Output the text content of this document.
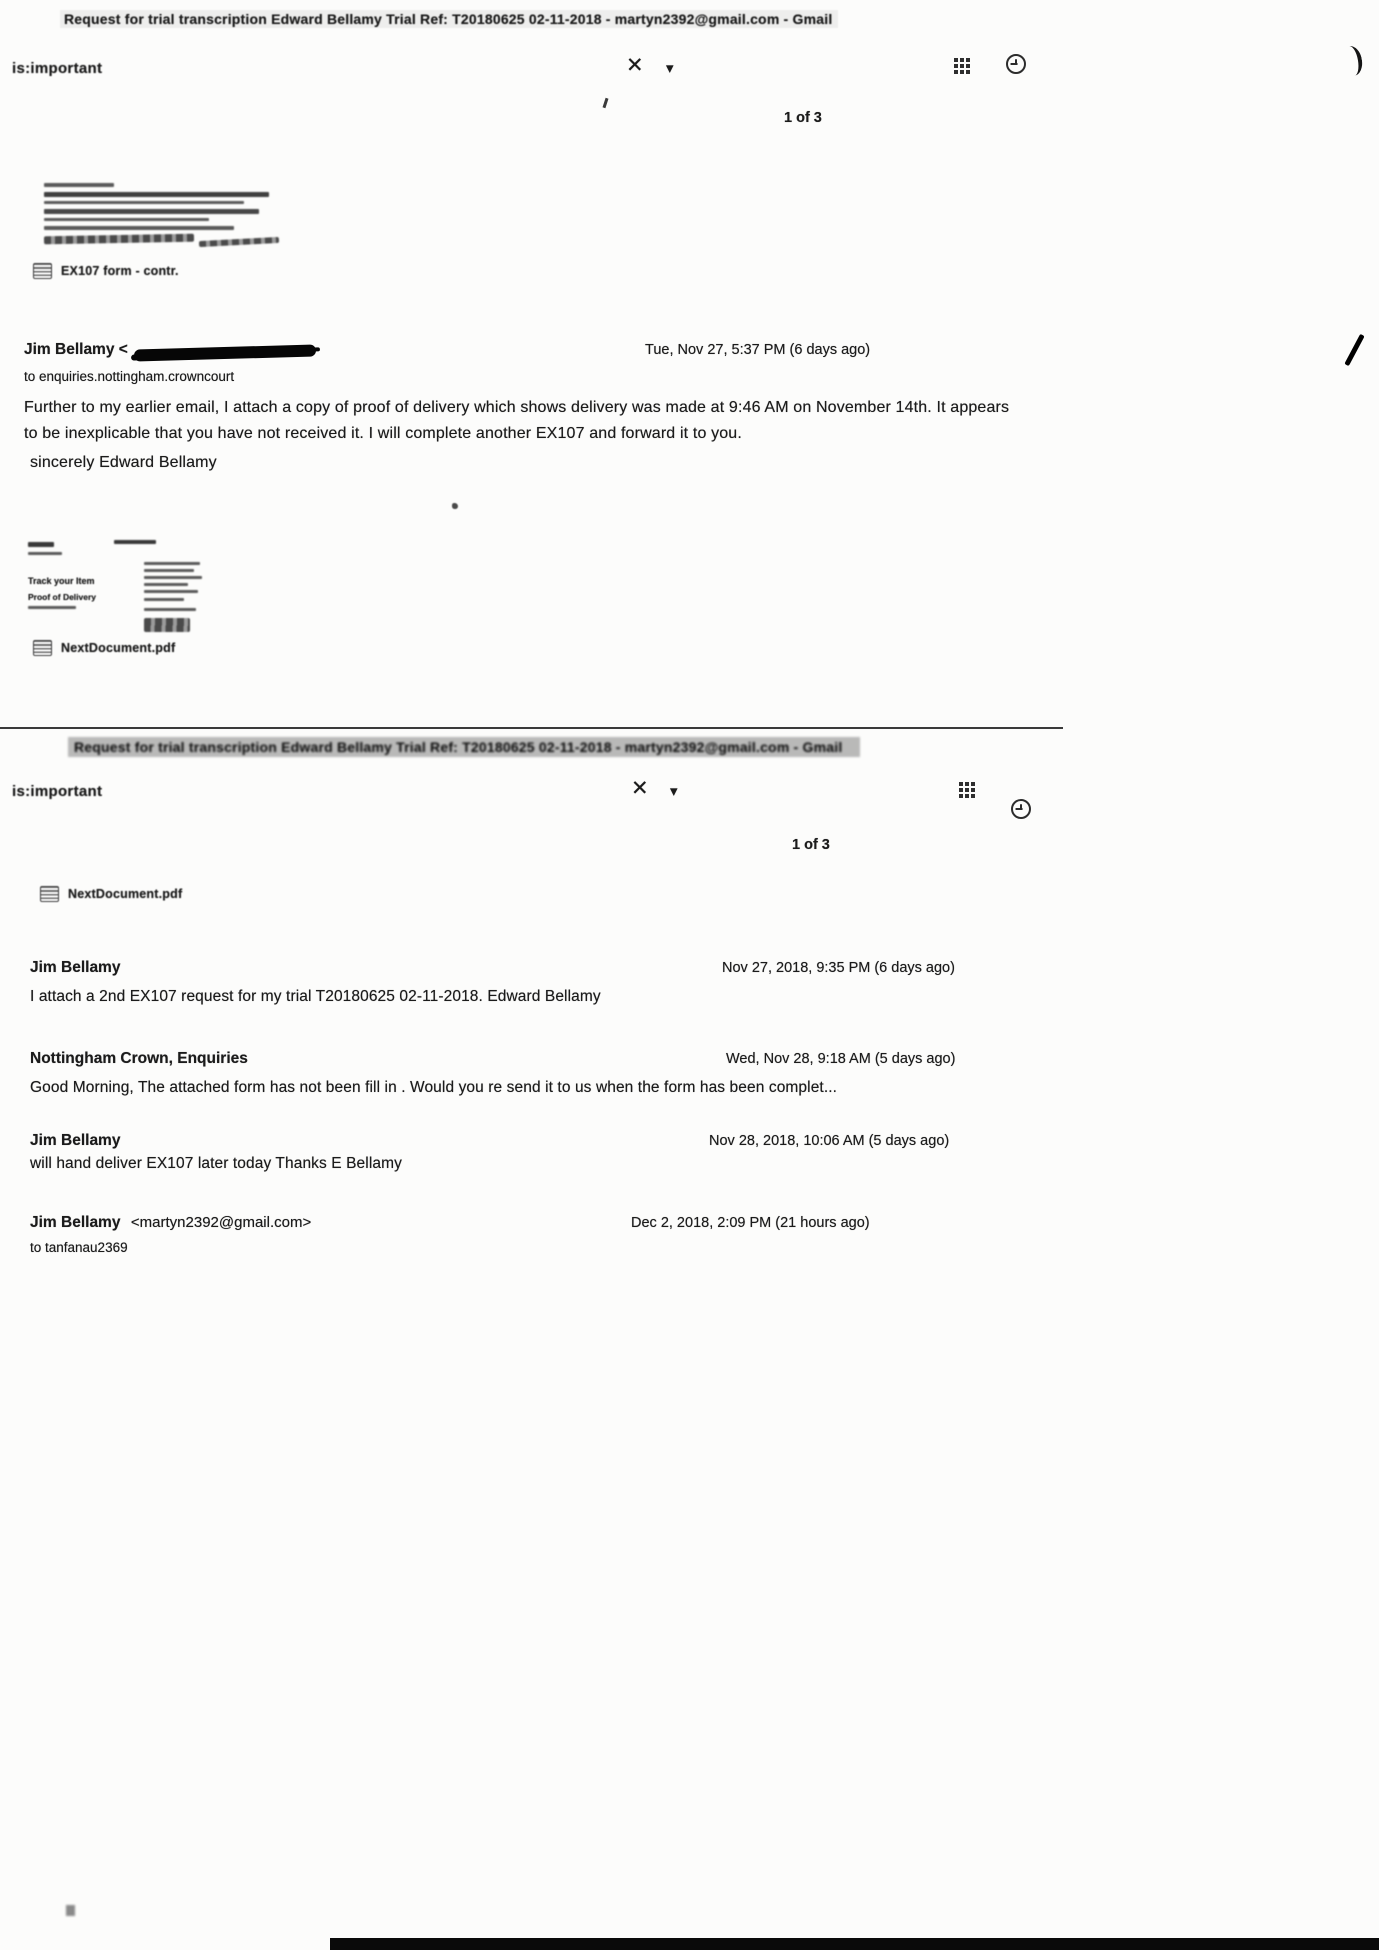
Request for trial transcription Edward Bellamy Trial Ref: T20180625 02-11-2018 - martyn2392@gmail.com - Gmail
is:important	✕ ▾
1 of 3
EX107 form - contr.
Jim Bellamy <	Tue, Nov 27, 5:37 PM (6 days ago)
to enquiries.nottingham.crowncourt
Further to my earlier email, I attach a copy of proof of delivery which shows delivery was made at 9:46 AM on November 14th. It appears to be inexplicable that you have not received it. I will complete another EX107 and forward it to you.
sincerely Edward Bellamy
Track your Item
Proof of Delivery
NextDocument.pdf
Request for trial transcription Edward Bellamy Trial Ref: T20180625 02-11-2018 - martyn2392@gmail.com - Gmail
is:important	✕ ▾
1 of 3
NextDocument.pdf
Jim Bellamy	Nov 27, 2018, 9:35 PM (6 days ago)
I attach a 2nd EX107 request for my trial T20180625 02-11-2018. Edward Bellamy
Nottingham Crown, Enquiries	Wed, Nov 28, 9:18 AM (5 days ago)
Good Morning, The attached form has not been fill in . Would you re send it to us when the form has been complet...
Jim Bellamy	Nov 28, 2018, 10:06 AM (5 days ago)
will hand deliver EX107 later today Thanks E Bellamy
Jim Bellamy <martyn2392@gmail.com>	Dec 2, 2018, 2:09 PM (21 hours ago)
to tanfanau2369
